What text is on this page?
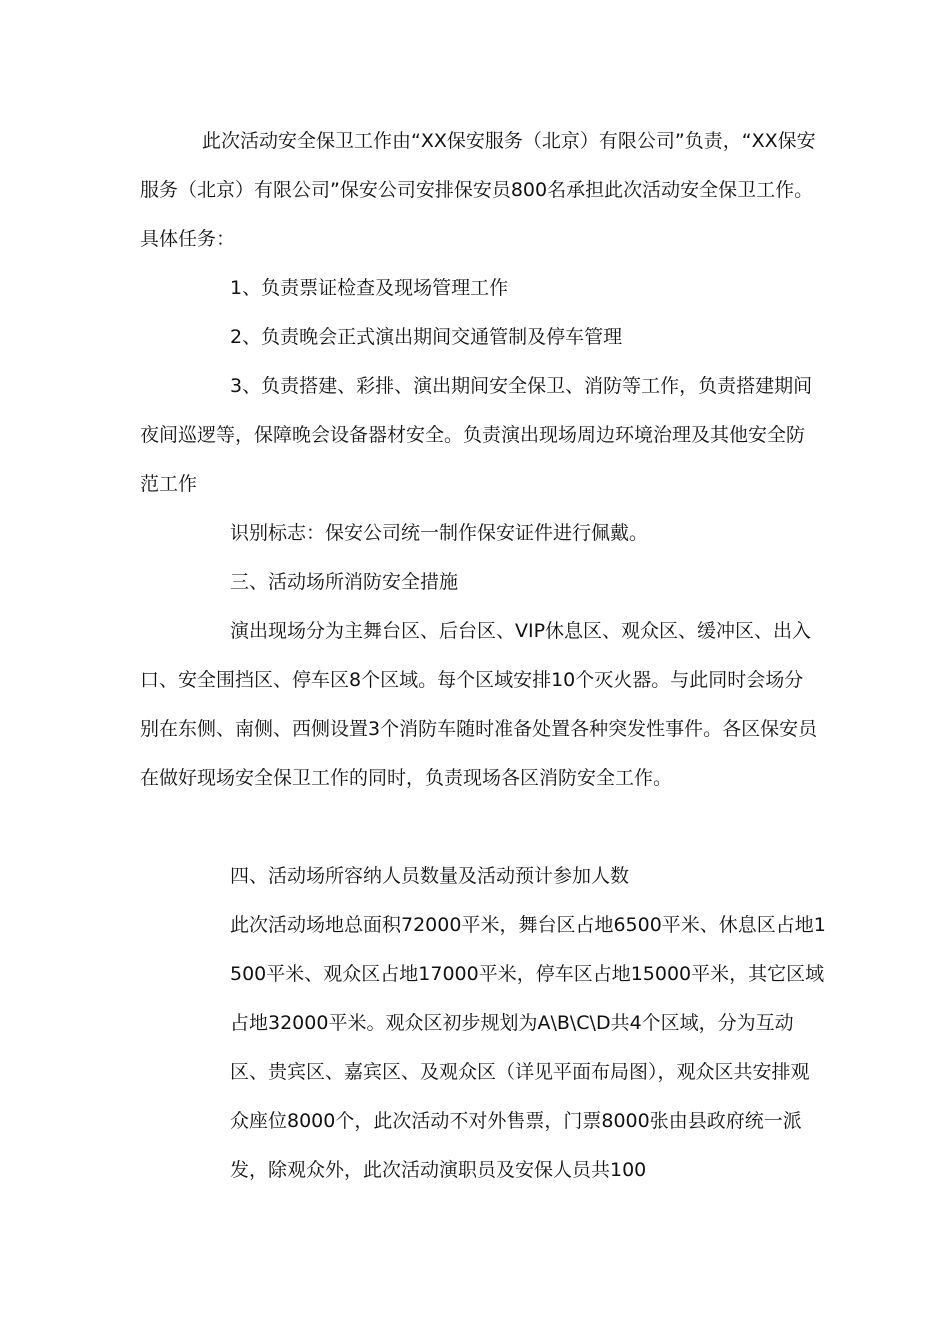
此次活动安全保卫工作由“XX保安服务（北京）有限公司”负责，“XX保安服务（北京）有限公司”保安公司安排保安员800名承担此次活动安全保卫工作。具体任务：

1、负责票证检查及现场管理工作

2、负责晚会正式演出期间交通管制及停车管理

3、负责搭建、彩排、演出期间安全保卫、消防等工作，负责搭建期间夜间巡逻等，保障晚会设备器材安全。负责演出现场周边环境治理及其他安全防范工作

识别标志：保安公司统一制作保安证件进行佩戴。

三、活动场所消防安全措施

演出现场分为主舞台区、后台区、VIP休息区、观众区、缓冲区、出入口、安全围挡区、停车区8个区域。每个区域安排10个灭火器。与此同时会场分别在东侧、南侧、西侧设置3个消防车随时准备处置各种突发性事件。各区保安员在做好现场安全保卫工作的同时，负责现场各区消防安全工作。

四、活动场所容纳人员数量及活动预计参加人数

此次活动场地总面积72000平米，舞台区占地6500平米、休息区占地1500平米、观众区占地17000平米，停车区占地15000平米，其它区域占地32000平米。观众区初步规划为A\B\C\D共4个区域，分为互动区、贵宾区、嘉宾区、及观众区（详见平面布局图），观众区共安排观众座位8000个，此次活动不对外售票，门票8000张由县政府统一派发，除观众外，此次活动演职员及安保人员共100
